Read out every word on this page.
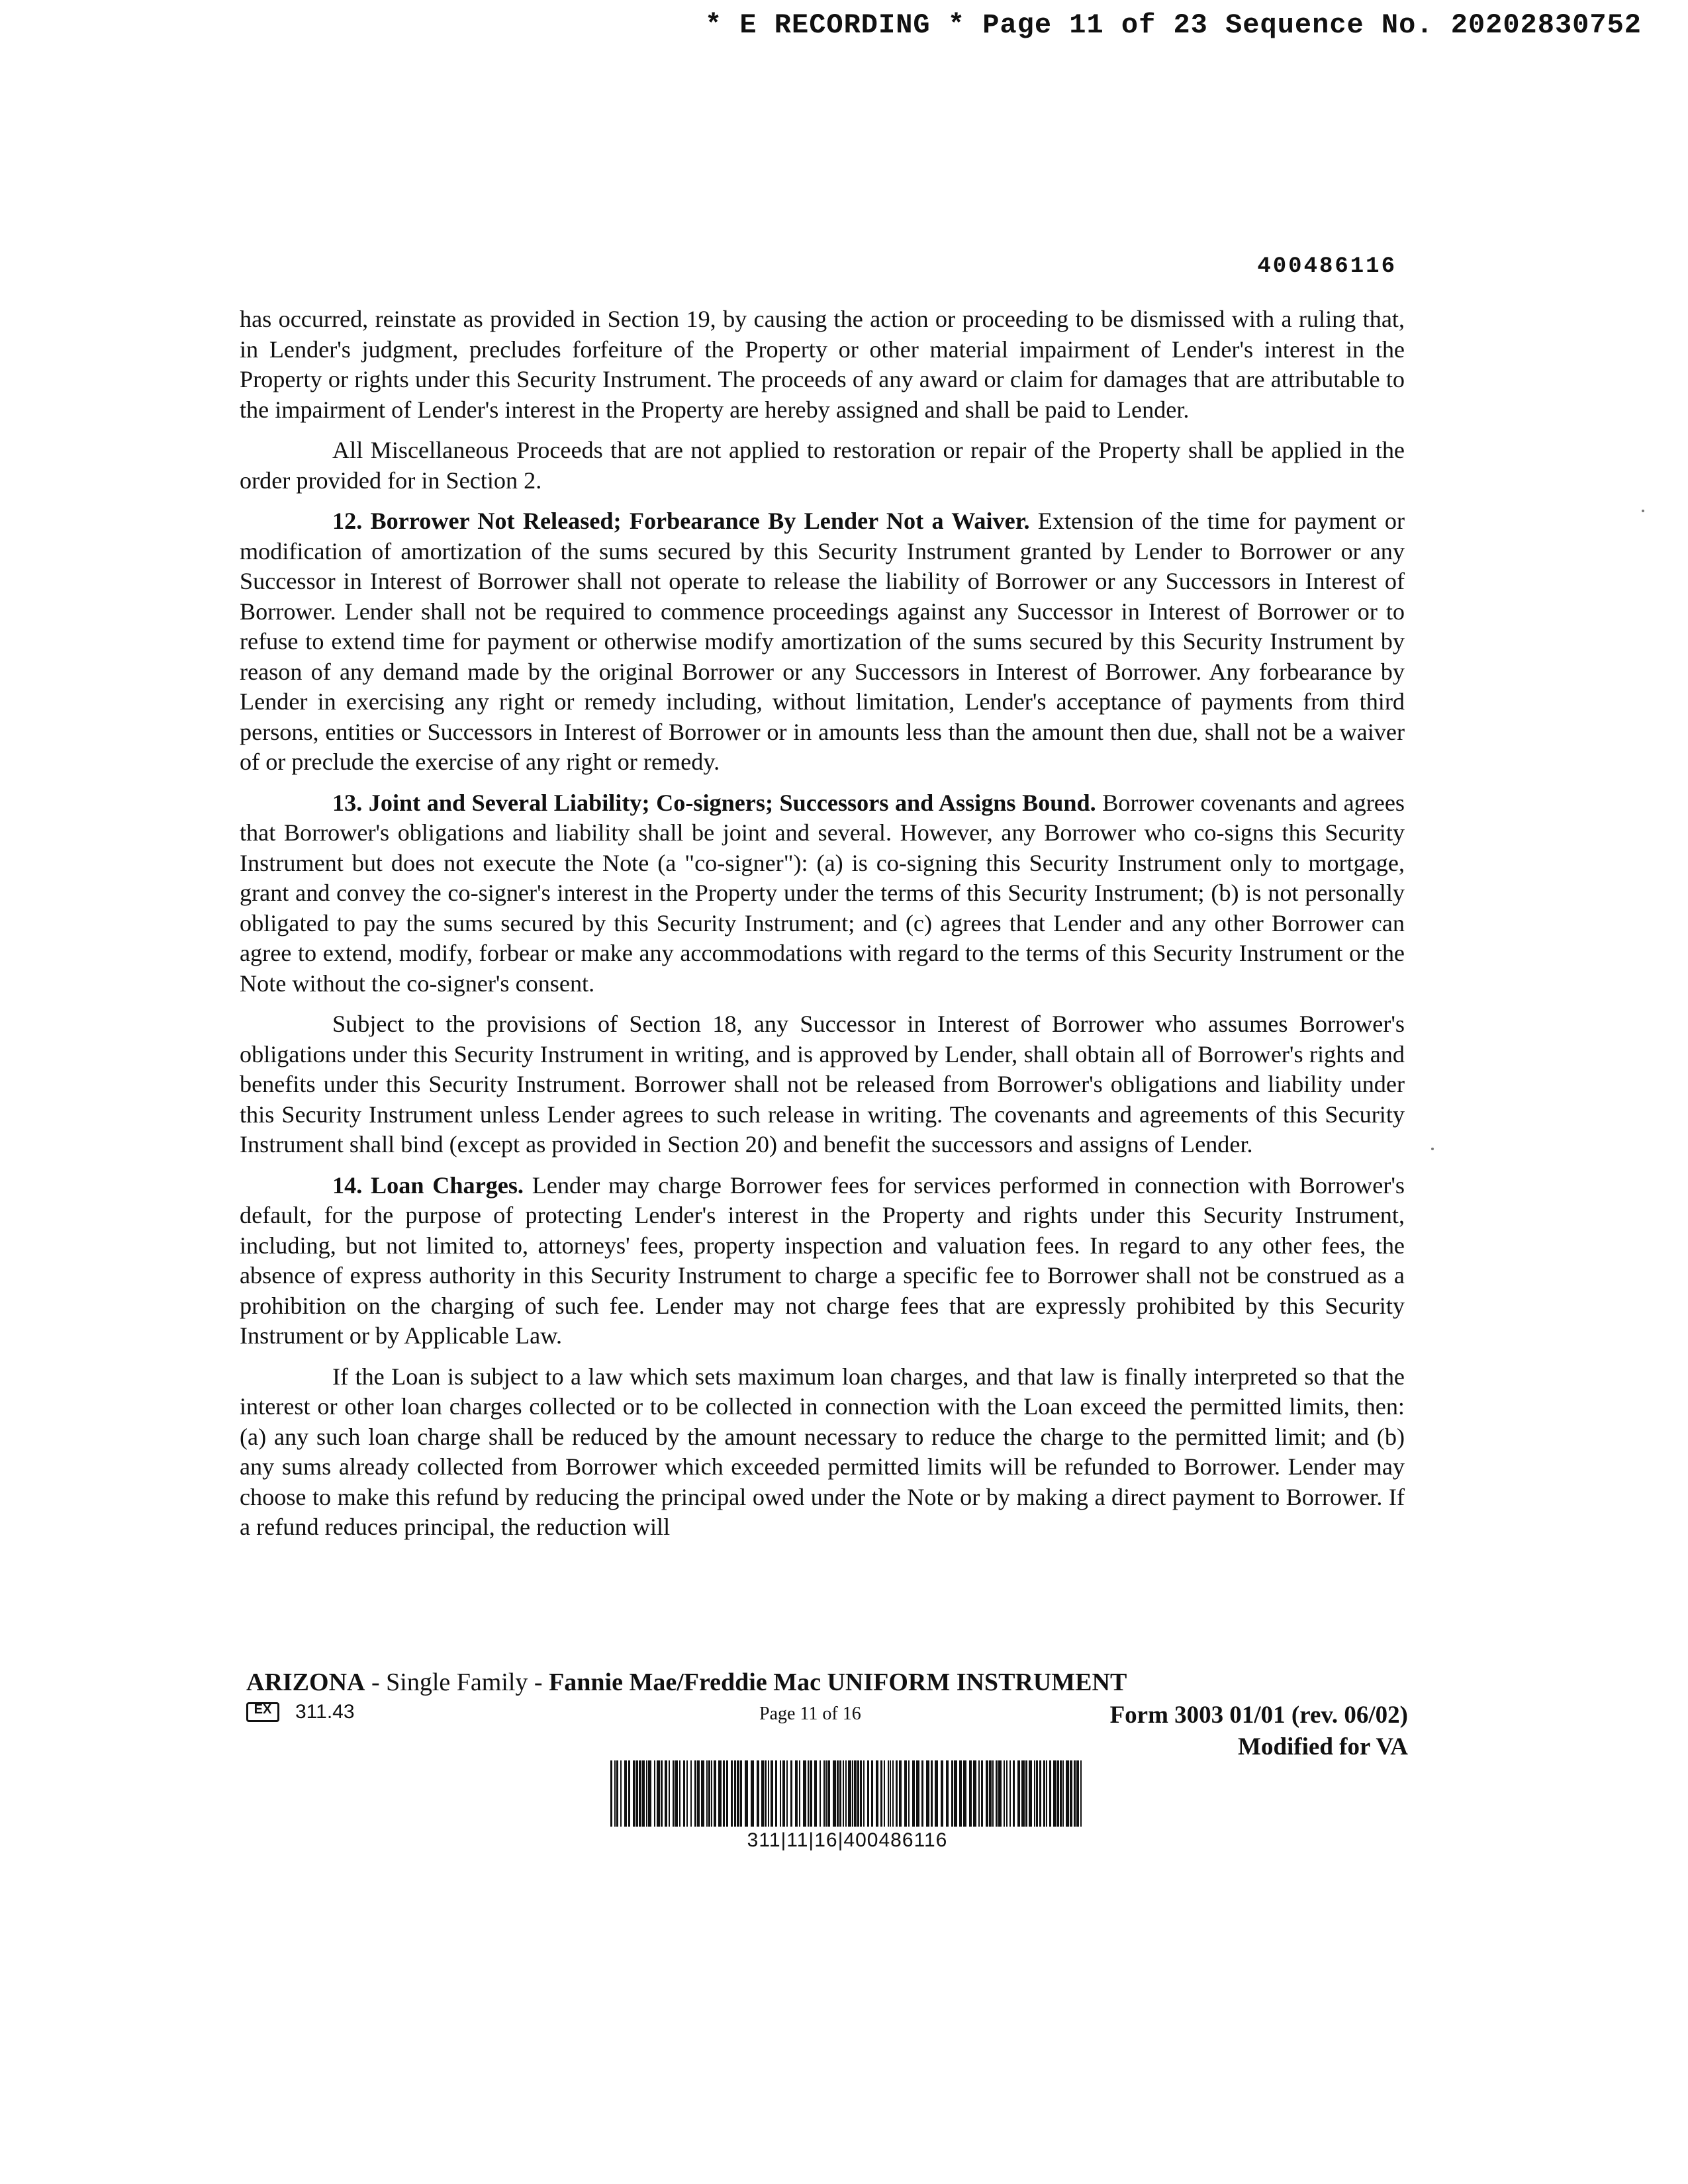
* E RECORDING * Page 11 of 23 Sequence No. 20202830752
400486116

has occurred, reinstate as provided in Section 19, by causing the action or proceeding to be dismissed with a ruling that, in Lender's judgment, precludes forfeiture of the Property or other material impairment of Lender's interest in the Property or rights under this Security Instrument. The proceeds of any award or claim for damages that are attributable to the impairment of Lender's interest in the Property are hereby assigned and shall be paid to Lender.

All Miscellaneous Proceeds that are not applied to restoration or repair of the Property shall be applied in the order provided for in Section 2.

12. Borrower Not Released; Forbearance By Lender Not a Waiver. Extension of the time for payment or modification of amortization of the sums secured by this Security Instrument granted by Lender to Borrower or any Successor in Interest of Borrower shall not operate to release the liability of Borrower or any Successors in Interest of Borrower. Lender shall not be required to commence proceedings against any Successor in Interest of Borrower or to refuse to extend time for payment or otherwise modify amortization of the sums secured by this Security Instrument by reason of any demand made by the original Borrower or any Successors in Interest of Borrower. Any forbearance by Lender in exercising any right or remedy including, without limitation, Lender's acceptance of payments from third persons, entities or Successors in Interest of Borrower or in amounts less than the amount then due, shall not be a waiver of or preclude the exercise of any right or remedy.

13. Joint and Several Liability; Co-signers; Successors and Assigns Bound. Borrower covenants and agrees that Borrower's obligations and liability shall be joint and several. However, any Borrower who co-signs this Security Instrument but does not execute the Note (a "co-signer"): (a) is co-signing this Security Instrument only to mortgage, grant and convey the co-signer's interest in the Property under the terms of this Security Instrument; (b) is not personally obligated to pay the sums secured by this Security Instrument; and (c) agrees that Lender and any other Borrower can agree to extend, modify, forbear or make any accommodations with regard to the terms of this Security Instrument or the Note without the co-signer's consent.

Subject to the provisions of Section 18, any Successor in Interest of Borrower who assumes Borrower's obligations under this Security Instrument in writing, and is approved by Lender, shall obtain all of Borrower's rights and benefits under this Security Instrument. Borrower shall not be released from Borrower's obligations and liability under this Security Instrument unless Lender agrees to such release in writing. The covenants and agreements of this Security Instrument shall bind (except as provided in Section 20) and benefit the successors and assigns of Lender.

14. Loan Charges. Lender may charge Borrower fees for services performed in connection with Borrower's default, for the purpose of protecting Lender's interest in the Property and rights under this Security Instrument, including, but not limited to, attorneys' fees, property inspection and valuation fees. In regard to any other fees, the absence of express authority in this Security Instrument to charge a specific fee to Borrower shall not be construed as a prohibition on the charging of such fee. Lender may not charge fees that are expressly prohibited by this Security Instrument or by Applicable Law.

If the Loan is subject to a law which sets maximum loan charges, and that law is finally interpreted so that the interest or other loan charges collected or to be collected in connection with the Loan exceed the permitted limits, then: (a) any such loan charge shall be reduced by the amount necessary to reduce the charge to the permitted limit; and (b) any sums already collected from Borrower which exceeded permitted limits will be refunded to Borrower. Lender may choose to make this refund by reducing the principal owed under the Note or by making a direct payment to Borrower. If a refund reduces principal, the reduction will

ARIZONA - Single Family - Fannie Mae/Freddie Mac UNIFORM INSTRUMENT
EX 311.43	Page 11 of 16	Form 3003 01/01 (rev. 06/02)
Modified for VA
311|11|16|400486116
